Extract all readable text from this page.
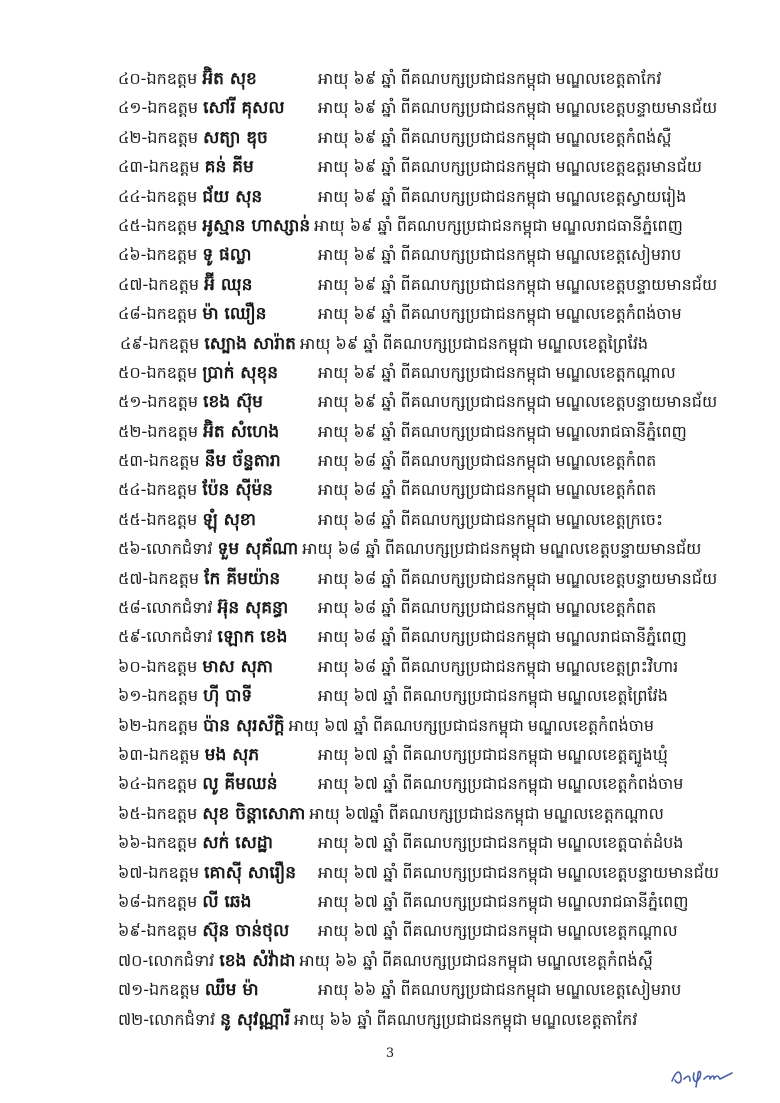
៤០-ឯកឧត្តម អ៊ិត សុខ	អាយុ ៦៩ ឆ្នាំ ពីគណបក្សប្រជាជនកម្ពុជា មណ្ឌលខេត្តតាកែវ
៤១-ឯកឧត្តម សៅរី គុសល អាយុ ៦៩ ឆ្នាំ ពីគណបក្សប្រជាជនកម្ពុជា មណ្ឌលខេត្តបន្ទាយមានជ័យ
៤២-ឯកឧត្តម សត្យា ឌុច	អាយុ ៦៩ ឆ្នាំ ពីគណបក្សប្រជាជនកម្ពុជា មណ្ឌលខេត្តកំពង់ស្ពឺ
៤៣-ឯកឧត្តម គន់ គីម	អាយុ ៦៩ ឆ្នាំ ពីគណបក្សប្រជាជនកម្ពុជា មណ្ឌលខេត្តឧត្តរមានជ័យ
៤៤-ឯកឧត្តម ជ័យ សុន	អាយុ ៦៩ ឆ្នាំ ពីគណបក្សប្រជាជនកម្ពុជា មណ្ឌលខេត្តស្វាយរៀង
៤៥-ឯកឧត្តម អូស្មាន ហាស្សាន់ អាយុ ៦៩ ឆ្នាំ ពីគណបក្សប្រជាជនកម្ពុជា មណ្ឌលរាជធានីភ្នំពេញ
៤៦-ឯកឧត្តម ទូ ផល្លា	អាយុ ៦៩ ឆ្នាំ ពីគណបក្សប្រជាជនកម្ពុជា មណ្ឌលខេត្តសៀមរាប
៤៧-ឯកឧត្តម អ៊ី ឈុន	អាយុ ៦៩ ឆ្នាំ ពីគណបក្សប្រជាជនកម្ពុជា មណ្ឌលខេត្តបន្ទាយមានជ័យ
៤៨-ឯកឧត្តម ម៉ា ឈឿន	អាយុ ៦៩ ឆ្នាំ ពីគណបក្សប្រជាជនកម្ពុជា មណ្ឌលខេត្តកំពង់ចាម
៤៩-ឯកឧត្តម ស្បោង សារ៉ាត អាយុ ៦៩ ឆ្នាំ ពីគណបក្សប្រជាជនកម្ពុជា មណ្ឌលខេត្តព្រៃវែង
៥០-ឯកឧត្តម ប្រាក់ សុខុន អាយុ ៦៩ ឆ្នាំ ពីគណបក្សប្រជាជនកម្ពុជា មណ្ឌលខេត្តកណ្តាល
៥១-ឯកឧត្តម ខេង ស៊ុម	អាយុ ៦៩ ឆ្នាំ ពីគណបក្សប្រជាជនកម្ពុជា មណ្ឌលខេត្តបន្ទាយមានជ័យ
៥២-ឯកឧត្តម អ៊ិត សំហេង អាយុ ៦៩ ឆ្នាំ ពីគណបក្សប្រជាជនកម្ពុជា មណ្ឌលរាជធានីភ្នំពេញ
៥៣-ឯកឧត្តម នឹម ច័ន្ទតារា អាយុ ៦៨ ឆ្នាំ ពីគណបក្សប្រជាជនកម្ពុជា មណ្ឌលខេត្តកំពត
៥៤-ឯកឧត្តម ប៉ែន ស៊ីម៉ន	អាយុ ៦៨ ឆ្នាំ ពីគណបក្សប្រជាជនកម្ពុជា មណ្ឌលខេត្តកំពត
៥៥-ឯកឧត្តម ឡុំ សុខា	អាយុ ៦៨ ឆ្នាំ ពីគណបក្សប្រជាជនកម្ពុជា មណ្ឌលខេត្តក្រចេះ
៥៦-លោកជំទាវ ទួម សុគ័ណា អាយុ ៦៨ ឆ្នាំ ពីគណបក្សប្រជាជនកម្ពុជា មណ្ឌលខេត្តបន្ទាយមានជ័យ
៥៧-ឯកឧត្តម កែ គីមយ៉ាន អាយុ ៦៨ ឆ្នាំ ពីគណបក្សប្រជាជនកម្ពុជា មណ្ឌលខេត្តបន្ទាយមានជ័យ
៥៨-លោកជំទាវ អ៊ុន សុគន្ធា អាយុ ៦៨ ឆ្នាំ ពីគណបក្សប្រជាជនកម្ពុជា មណ្ឌលខេត្តកំពត
៥៩-លោកជំទាវ ឡោក ខេង អាយុ ៦៨ ឆ្នាំ ពីគណបក្សប្រជាជនកម្ពុជា មណ្ឌលរាជធានីភ្នំពេញ
៦០-ឯកឧត្តម មាស សុភា	អាយុ ៦៨ ឆ្នាំ ពីគណបក្សប្រជាជនកម្ពុជា មណ្ឌលខេត្តព្រះវិហារ
៦១-ឯកឧត្តម ហ៊ី បាទី	អាយុ ៦៧ ឆ្នាំ ពីគណបក្សប្រជាជនកម្ពុជា មណ្ឌលខេត្តព្រៃវែង
៦២-ឯកឧត្តម ប៉ាន សុរស័ក្តិ អាយុ ៦៧ ឆ្នាំ ពីគណបក្សប្រជាជនកម្ពុជា មណ្ឌលខេត្តកំពង់ចាម
៦៣-ឯកឧត្តម មង សុភ	អាយុ ៦៧ ឆ្នាំ ពីគណបក្សប្រជាជនកម្ពុជា មណ្ឌលខេត្តត្បូងឃ្មុំ
៦៤-ឯកឧត្តម លូ គីមឈន់	អាយុ ៦៧ ឆ្នាំ ពីគណបក្សប្រជាជនកម្ពុជា មណ្ឌលខេត្តកំពង់ចាម
៦៥-ឯកឧត្តម សុខ ចិន្តាសោភា អាយុ ៦៧ឆ្នាំ ពីគណបក្សប្រជាជនកម្ពុជា មណ្ឌលខេត្តកណ្តាល
៦៦-ឯកឧត្តម សក់ សេដ្ឋា	អាយុ ៦៧ ឆ្នាំ ពីគណបក្សប្រជាជនកម្ពុជា មណ្ឌលខេត្តបាត់ដំបង
៦៧-ឯកឧត្តម គោស៊ី សារឿន អាយុ ៦៧ ឆ្នាំ ពីគណបក្សប្រជាជនកម្ពុជា មណ្ឌលខេត្តបន្ទាយមានជ័យ
៦៨-ឯកឧត្តម លី ឆេង	អាយុ ៦៧ ឆ្នាំ ពីគណបក្សប្រជាជនកម្ពុជា មណ្ឌលរាជធានីភ្នំពេញ
៦៩-ឯកឧត្តម ស៊ុន ចាន់ថុល អាយុ ៦៧ ឆ្នាំ ពីគណបក្សប្រជាជនកម្ពុជា មណ្ឌលខេត្តកណ្តាល
៧០-លោកជំទាវ ខេង សំវ៉ាដា អាយុ ៦៦ ឆ្នាំ ពីគណបក្សប្រជាជនកម្ពុជា មណ្ឌលខេត្តកំពង់ស្ពឺ
៧១-ឯកឧត្តម ឈឹម ម៉ា	អាយុ ៦៦ ឆ្នាំ ពីគណបក្សប្រជាជនកម្ពុជា មណ្ឌលខេត្តសៀមរាប
៧២-លោកជំទាវ នូ សុវណ្ណារី អាយុ ៦៦ ឆ្នាំ ពីគណបក្សប្រជាជនកម្ពុជា មណ្ឌលខេត្តតាកែវ
3
